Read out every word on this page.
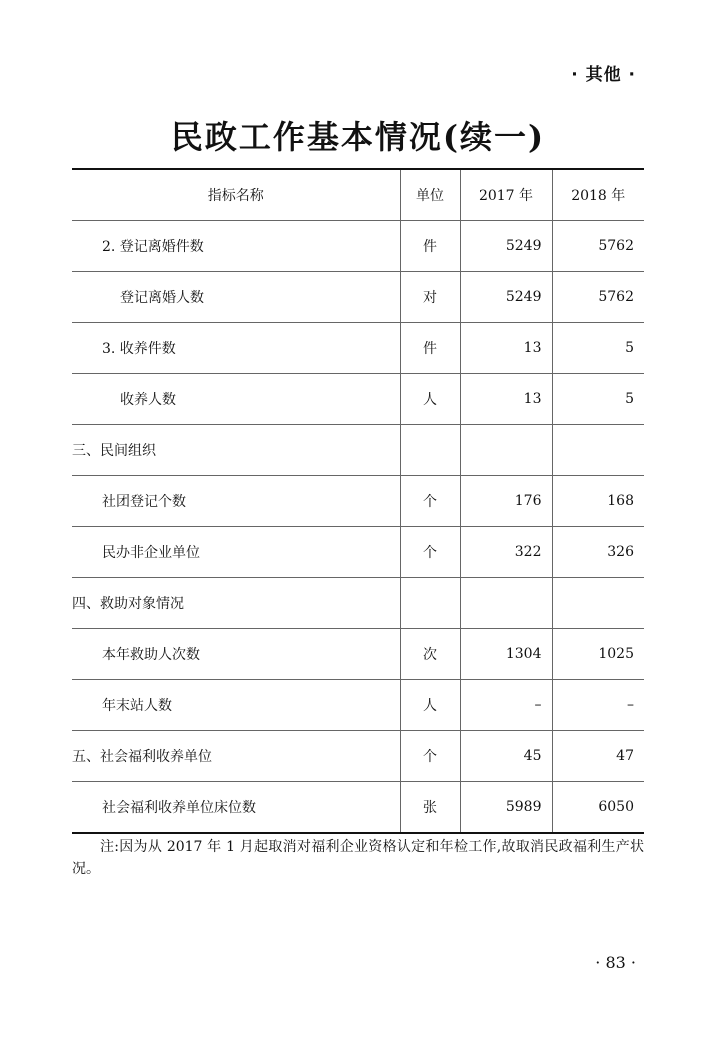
· 其他 ·
民政工作基本情况(续一)
指标名称	单位	2017 年	2018 年
2. 登记离婚件数	件	5249	5762
登记离婚人数	对	5249	5762
3. 收养件数	件	13	5
收养人数	人	13	5
三、民间组织			
社团登记个数	个	176	168
民办非企业单位	个	322	326
四、救助对象情况			
本年救助人次数	次	1304	1025
年末站人数	人	–	–
五、社会福利收养单位	个	45	47
社会福利收养单位床位数	张	5989	6050

注:因为从 2017 年 1 月起取消对福利企业资格认定和年检工作,故取消民政福利生产状况。

· 83 ·
